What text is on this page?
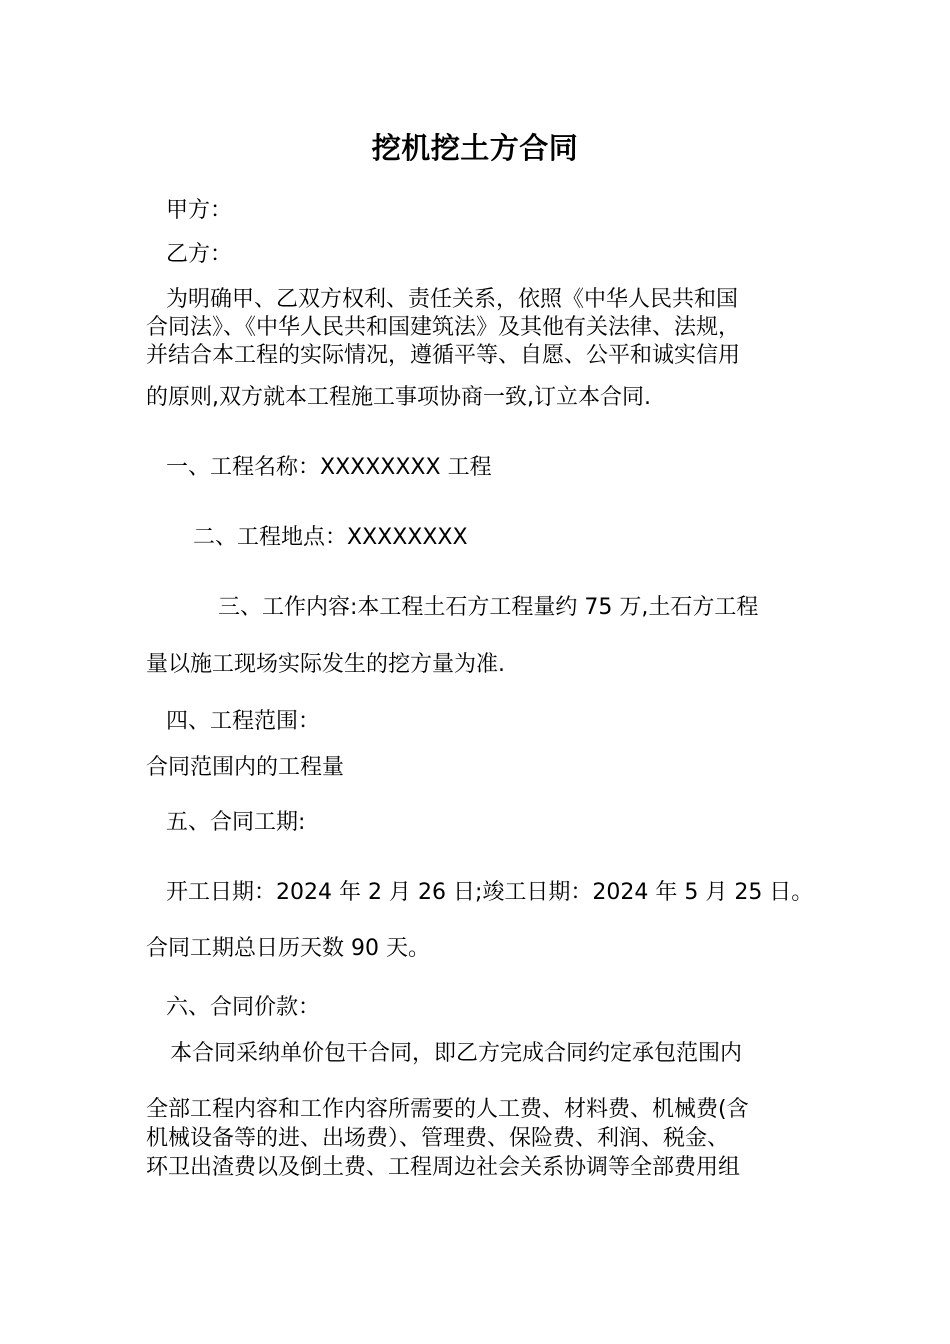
挖机挖土方合同
甲方：
乙方：
为明确甲、乙双方权利、责任关系，依照《中华人民共和国
合同法》、《中华人民共和国建筑法》及其他有关法律、法规，
并结合本工程的实际情况，遵循平等、自愿、公平和诚实信用
的原则,双方就本工程施工事项协商一致,订立本合同.
一、工程名称：XXXXXXXX 工程
二、工程地点：XXXXXXXX
三、工作内容:本工程土石方工程量约 75 万,土石方工程
量以施工现场实际发生的挖方量为准.
四、工程范围：
合同范围内的工程量
五、合同工期:
开工日期：2024 年 2 月 26 日;竣工日期：2024 年 5 月 25 日。
合同工期总日历天数 90 天。
六、合同价款：
本合同采纳单价包干合同，即乙方完成合同约定承包范围内
全部工程内容和工作内容所需要的人工费、材料费、机械费(含
机械设备等的进、出场费）、管理费、保险费、利润、税金、
环卫出渣费以及倒土费、工程周边社会关系协调等全部费用组
